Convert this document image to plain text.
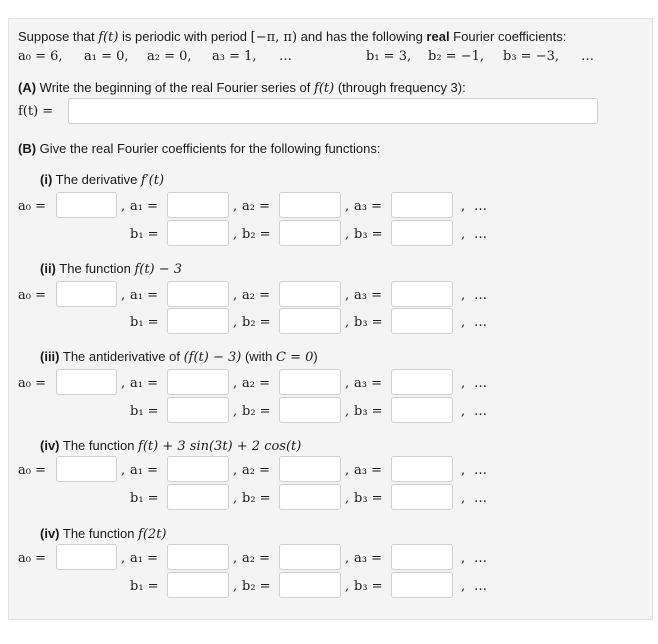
Suppose that f(t) is periodic with period [−π, π) and has the following real Fourier coefficients:
a₀ = 6, a₁ = 0, a₂ = 0, a₃ = 1, …	b₁ = 3, b₂ = −1, b₃ = −3, …
(A) Write the beginning of the real Fourier series of f(t) (through frequency 3):
f(t) =
(B) Give the real Fourier coefficients for the following functions:
(i) The derivative f′(t)
a₀ =	, a₁ =	, a₂ =	, a₃ =	, …
b₁ =	, b₂ =	, b₃ =	, …
(ii) The function f(t) − 3
a₀ =	, a₁ =	, a₂ =	, a₃ =	, …
b₁ =	, b₂ =	, b₃ =	, …
(iii) The antiderivative of (f(t) − 3) (with C = 0)
a₀ =	, a₁ =	, a₂ =	, a₃ =	, …
b₁ =	, b₂ =	, b₃ =	, …
(iv) The function f(t) + 3 sin(3t) + 2 cos(t)
a₀ =	, a₁ =	, a₂ =	, a₃ =	, …
b₁ =	, b₂ =	, b₃ =	, …
(iv) The function f(2t)
a₀ =	, a₁ =	, a₂ =	, a₃ =	, …
b₁ =	, b₂ =	, b₃ =	, …
